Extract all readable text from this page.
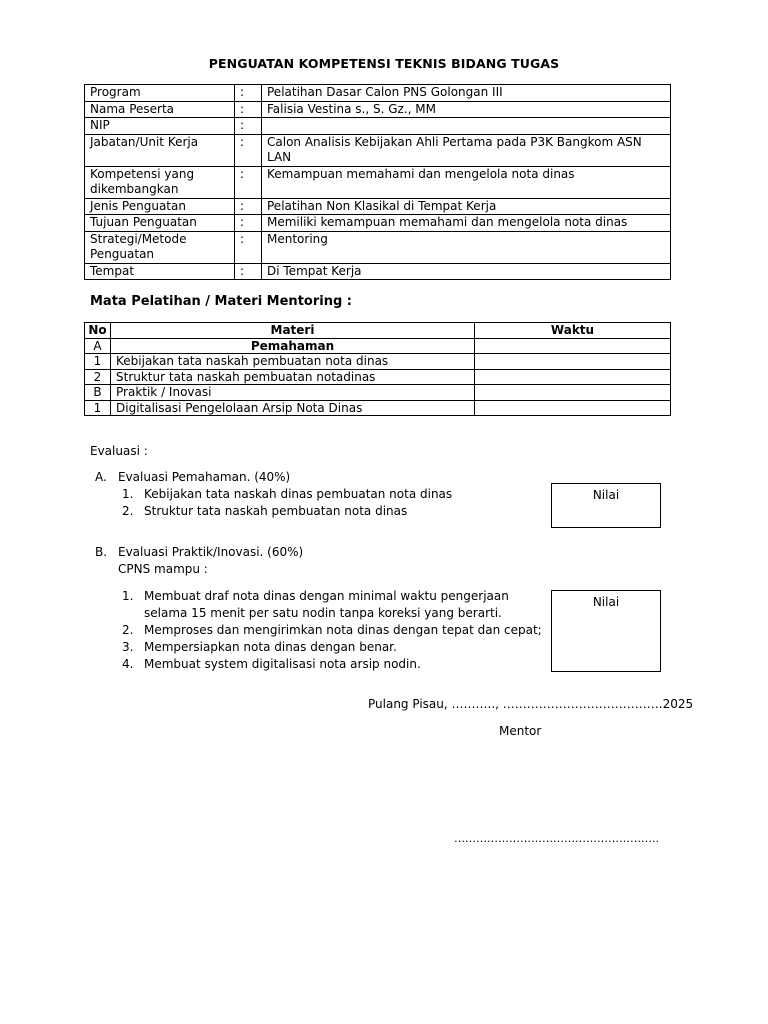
PENGUATAN KOMPETENSI TEKNIS BIDANG TUGAS
Program	:	Pelatihan Dasar Calon PNS Golongan III
Nama Peserta	:	Falisia Vestina s., S. Gz., MM
NIP	:	
Jabatan/Unit Kerja	:	Calon Analisis Kebijakan Ahli Pertama pada P3K Bangkom ASN LAN
Kompetensi yang dikembangkan	:	Kemampuan memahami dan mengelola nota dinas
Jenis Penguatan	:	Pelatihan Non Klasikal di Tempat Kerja
Tujuan Penguatan	:	Memiliki kemampuan memahami dan mengelola nota dinas
Strategi/Metode Penguatan	:	Mentoring
Tempat	:	Di Tempat Kerja
Mata Pelatihan / Materi Mentoring :
No	Materi	Waktu
A	Pemahaman	
1	Kebijakan tata naskah pembuatan nota dinas	
2	Struktur tata naskah pembuatan notadinas	
B	Praktik / Inovasi	
1	Digitalisasi Pengelolaan Arsip Nota Dinas	
Evaluasi :
A. Evaluasi Pemahaman. (40%)
1. Kebijakan tata naskah dinas pembuatan nota dinas
2. Struktur tata naskah pembuatan nota dinas
Nilai
B. Evaluasi Praktik/Inovasi. (60%)
CPNS mampu :
1. Membuat draf nota dinas dengan minimal waktu pengerjaan selama 15 menit per satu nodin tanpa koreksi yang berarti.
2. Memproses dan mengirimkan nota dinas dengan tepat dan cepat;
3. Mempersiapkan nota dinas dengan benar.
4. Membuat system digitalisasi nota arsip nodin.
Nilai
Pulang Pisau, ……….., ………………………………….2025
Mentor
………………………………………………..
